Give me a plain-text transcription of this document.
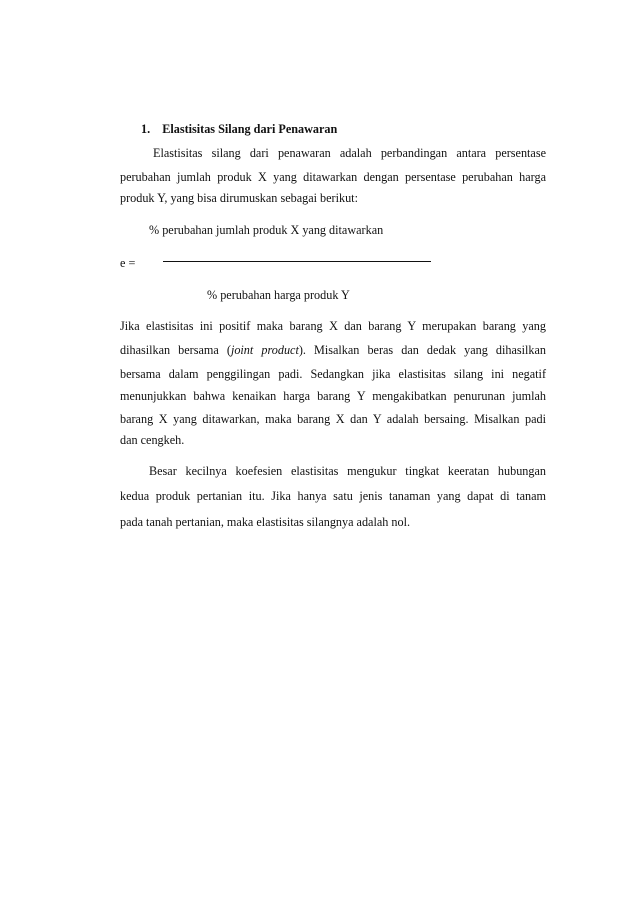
1. Elastisitas Silang dari Penawaran
Elastisitas silang dari penawaran adalah perbandingan antara persentase
perubahan jumlah produk X yang ditawarkan dengan persentase perubahan harga
produk Y, yang bisa dirumuskan sebagai berikut:
% perubahan jumlah produk X yang ditawarkan
e =
% perubahan harga produk Y
Jika elastisitas ini positif maka barang X dan barang Y merupakan barang yang
dihasilkan bersama (joint product). Misalkan beras dan dedak yang dihasilkan
bersama dalam penggilingan padi. Sedangkan jika elastisitas silang ini negatif
menunjukkan bahwa kenaikan harga barang Y mengakibatkan penurunan jumlah
barang X yang ditawarkan, maka barang X dan Y adalah bersaing. Misalkan padi
dan cengkeh.
Besar kecilnya koefesien elastisitas mengukur tingkat keeratan hubungan
kedua produk pertanian itu. Jika hanya satu jenis tanaman yang dapat di tanam
pada tanah pertanian, maka elastisitas silangnya adalah nol.
